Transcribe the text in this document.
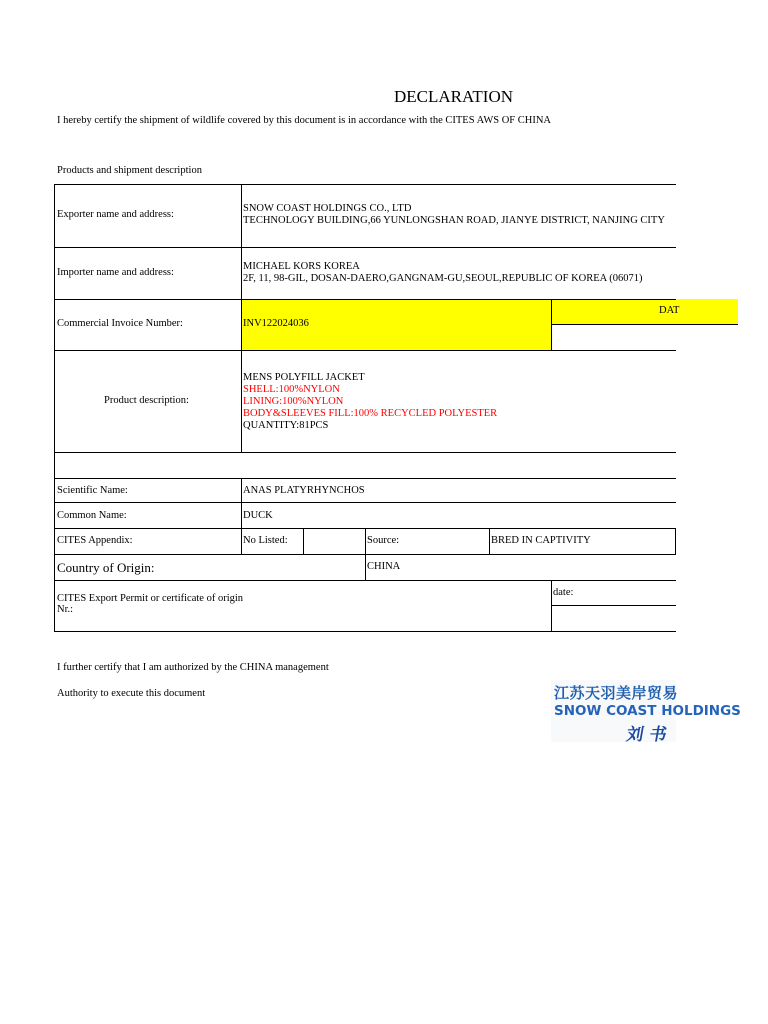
DECLARATION
I hereby certify the shipment of wildlife covered by this document is in accordance with the CITES AWS OF CHINA
Products and shipment description
Exporter name and address:
SNOW COAST HOLDINGS CO., LTD
TECHNOLOGY BUILDING,66 YUNLONGSHAN ROAD, JIANYE DISTRICT, NANJING CITY
Importer name and address:
MICHAEL KORS KOREA
2F, 11, 98-GIL, DOSAN-DAERO,GANGNAM-GU,SEOUL,REPUBLIC OF KOREA (06071)
Commercial Invoice Number:	INV122024036
DAT
Product description:
MENS POLYFILL JACKET
SHELL:100%NYLON
LINING:100%NYLON
BODY&SLEEVES FILL:100% RECYCLED POLYESTER
QUANTITY:81PCS
Scientific Name:	ANAS PLATYRHYNCHOS
Common Name:	DUCK
CITES Appendix:	No Listed:	Source:	BRED IN CAPTIVITY
Country of Origin:	CHINA
CITES Export Permit or certificate of origin
Nr.:
date:
I further certify that I am authorized by the CHINA management
Authority to execute this document	江苏天羽美岸贸易
SNOW COAST HOLDINGS
刘 书
